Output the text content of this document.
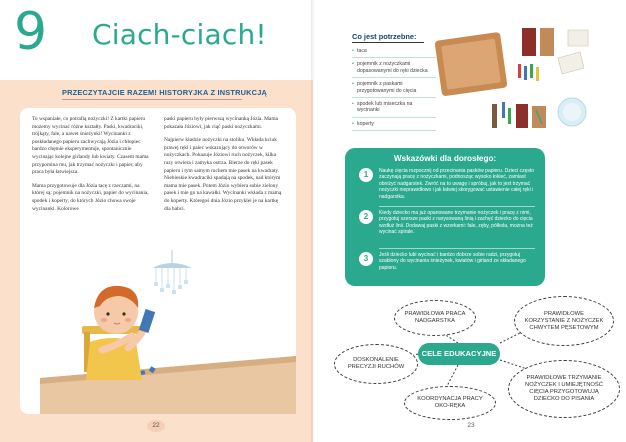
9 Ciach-ciach!
PRZECZYTAJCIE RAZEM! HISTORYJKA Z INSTRUKCJĄ

To wspaniałe, co potrafią nożyczki! Z kartki papieru możemy wycinać różne kształty. Paski, kwadraciki, trójkąty, fale, a nawet śnieżynki! Wycinanki z poskładanego papieru zachwycają Józia i chłopiec bardzo chętnie eksperymentuje, spontanicznie wycinając kolejne girlandy lub kwiaty. Czasem mama przypomina mu, jak trzymać nożyczki i papier, aby praca była łatwiejsza.

Mama przygotowuje dla Józia tacę z rzeczami, na której są: pojemnik na nożyczki, papier do wycinania, spodek i koperty, do których Józio chowa swoje wycinanki. Kolorowe

paski papieru były pierwszą wycinanką Józia. Mama pokazała Józiowi, jak ciąć paski nożyczkami.

Najpierw kładzie nożyczki na stoliku. Wkłada kciuk prawej ręki i palec wskazujący do otworów w nożyczkach. Pokazuje Józiowi ruch nożyczek, kilka razy otwiera i zamyka ostrza. Bierze do ręki pasek papieru i tym samym ruchem tnie pasek na kwadraty. Niebieskie kwadraciki spadają na spodek, nad którym mama tnie pasek. Potem Józio wybiera sobie zielony pasek i tnie go na kawałki. Wycinanki wkłada z mamą do koperty. Któregoś dnia Józio przyklei je na kartkę dla babci.

22
Co jest potrzebne:
• taca
• pojemnik z nożyczkami dopasowanymi do ręki dziecka
• pojemnik z paskami przygotowanymi do cięcia
• spodek lub miseczka na wycinanki
• koperty
Wskazówki dla dorosłego:
1	Naukę cięcia rozpocznij od przecinania pasków papieru. Dzieci często zaczynają pracę z nożyczkami, podnosząc wysoko łokieć, zamiast obniżyć nadgarstek. Zwróć na to uwagę i spróbuj, jak to jest trzymać nożyczki nieprawidłowo i jak łatwiej skorygować ustawienie całej ręki i nadgarstka.
2	Kiedy dziecko ma już opanowane trzymanie nożyczek i pracę z nimi, przygotuj szersze paski z narysowaną linią i zachęć dziecko do cięcia wzdłuż linii. Dodawaj paski z wzorkami: fale, zęby, półkola, można też wycinać spirale.
3	Jeśli dziecko lubi wycinać i bardzo dobrze sobie radzi, przygotuj szablony do wycinania śnieżynek, kwiatów i girland ze składanego papieru.
PRAWIDŁOWA PRACA NADGARSTKA
PRAWIDŁOWE KORZYSTANIE Z NOŻYCZEK CHWYTEM PĘSETOWYM
CELE EDUKACYJNE
DOSKONALENIE PRECYZJI RUCHÓW
PRAWIDŁOWE TRZYMANIE NOŻYCZEK I UMIEJĘTNOŚĆ CIĘCIA PRZYGOTOWUJĄ DZIECKO DO PISANIA
KOORDYNACJA PRACY OKO-RĘKA
23
